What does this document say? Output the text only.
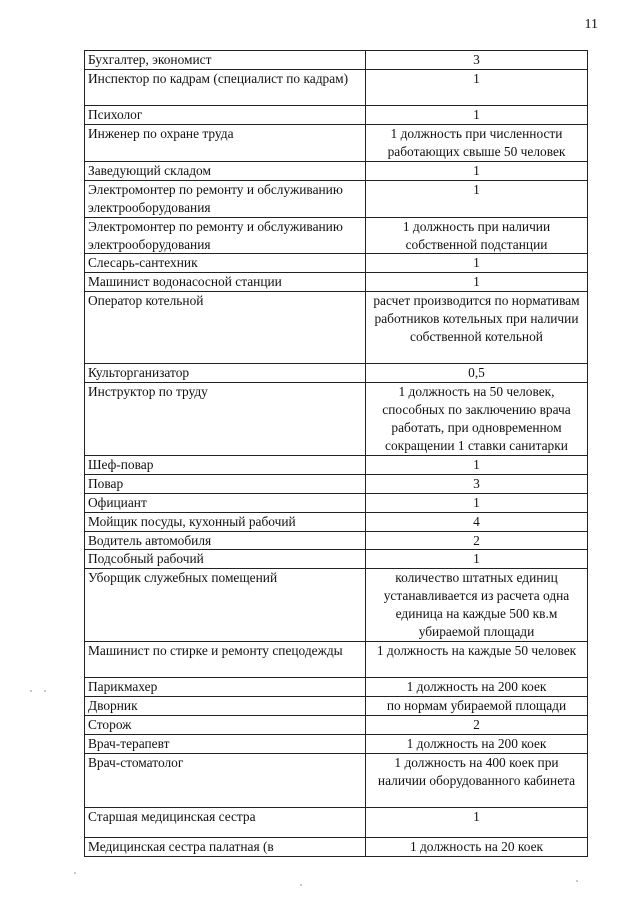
11
Бухгалтер, экономист	3
Инспектор по кадрам (специалист по кадрам)	1
Психолог	1
Инженер по охране труда	1 должность при численности работающих свыше 50 человек
Заведующий складом	1
Электромонтер по ремонту и обслуживанию электрооборудования	1
Электромонтер по ремонту и обслуживанию электрооборудования	1 должность при наличии собственной подстанции
Слесарь-сантехник	1
Машинист водонасосной станции	1
Оператор котельной	расчет производится по нормативам работников котельных при наличии собственной котельной
Культорганизатор	0,5
Инструктор по труду	1 должность на 50 человек, способных по заключению врача работать, при одновременном сокращении 1 ставки санитарки
Шеф-повар	1
Повар	3
Официант	1
Мойщик посуды, кухонный рабочий	4
Водитель автомобиля	2
Подсобный рабочий	1
Уборщик служебных помещений	количество штатных единиц устанавливается из расчета одна единица на каждые 500 кв.м убираемой площади
Машинист по стирке и ремонту спецодежды	1 должность на каждые 50 человек
Парикмахер	1 должность на 200 коек
Дворник	по нормам убираемой площади
Сторож	2
Врач-терапевт	1 должность на 200 коек
Врач-стоматолог	1 должность на 400 коек при наличии оборудованного кабинета
Старшая медицинская сестра	1
Медицинская сестра палатная (в	1 должность на 20 коек
